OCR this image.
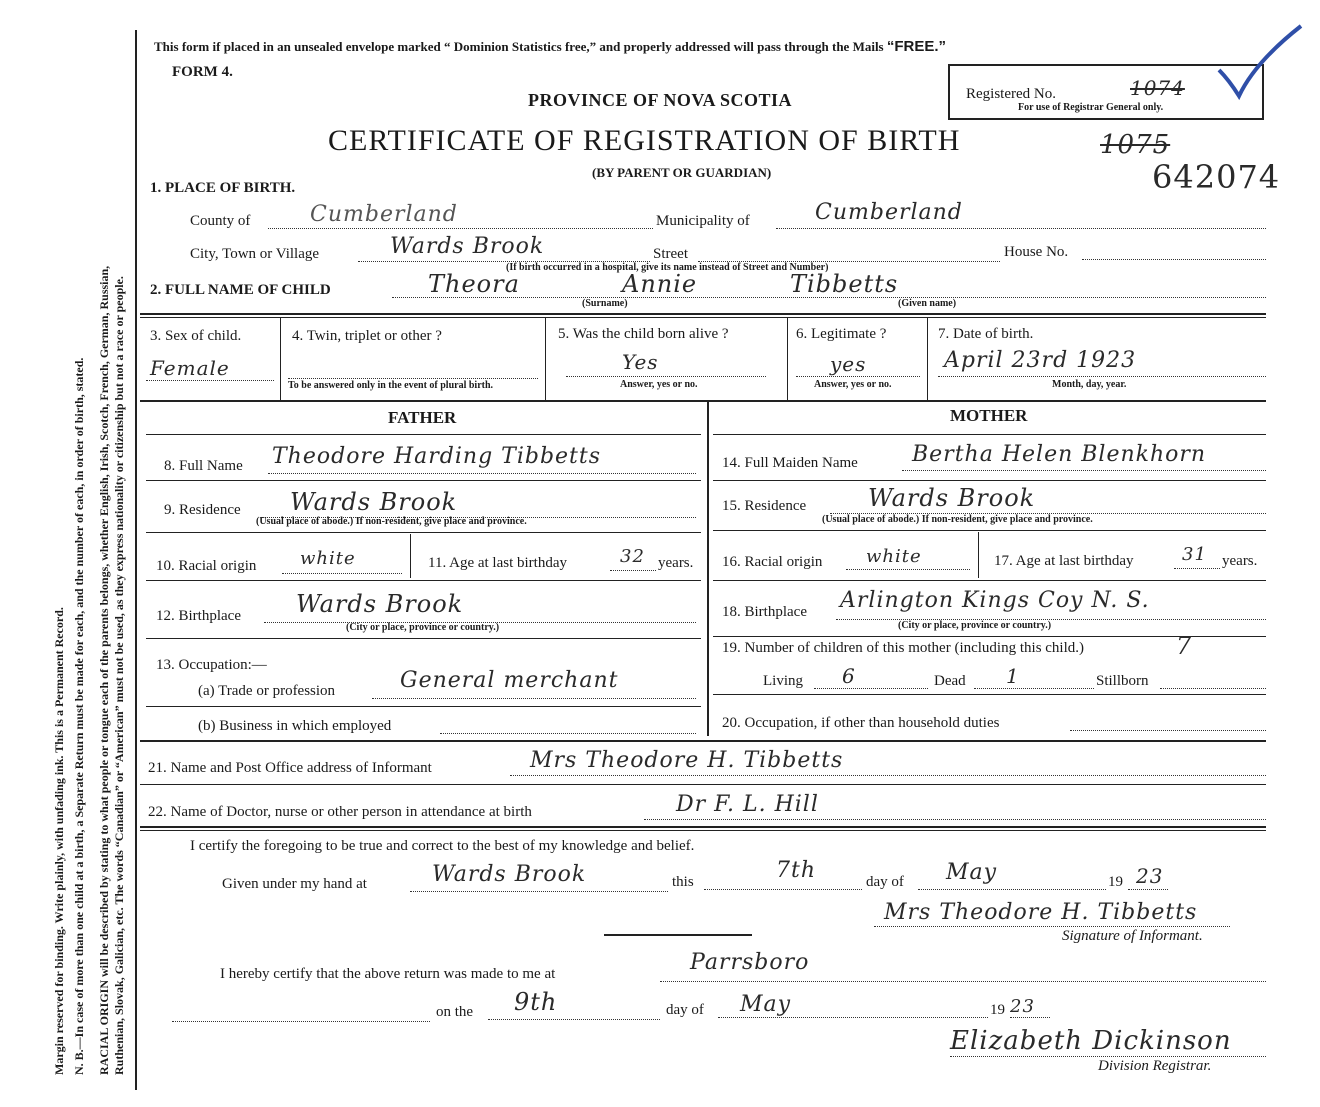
Margin reserved for binding. Write plainly, with unfading ink. This is a Permanent Record. N. B.—In case of more than one child at a birth, a Separate Return must be made for each, and the number of each, in order of birth, stated. RACIAL ORIGIN will be described by stating to what people or tongue each of the parents belongs, whether English, Irish, Scotch, French, German, Russian, Ruthenian, Slovak, Galician, etc. The words “Canadian” or “American” must not be used, as they express nationality or citizenship but not a race or people.
This form if placed in an unsealed envelope marked “ Dominion Statistics free,” and properly addressed will pass through the Mails “FREE.”
FORM 4.
PROVINCE OF NOVA SCOTIA
CERTIFICATE OF REGISTRATION OF BIRTH
(BY PARENT OR GUARDIAN)
Registered No.	1074
For use of Registrar General only.
1075
642074
1. PLACE OF BIRTH.
County of	Cumberland	Municipality of	Cumberland
City, Town or Village	Wards Brook	Street	House No.
(If birth occurred in a hospital, give its name instead of Street and Number)
2. FULL NAME OF CHILD	Theora	Annie	Tibbetts
(Surname)	(Given name)
3. Sex of child.
Female
4. Twin, triplet or other ?
To be answered only in the event of plural birth.
5. Was the child born alive ?
Yes
Answer, yes or no.
6. Legitimate ?
yes
Answer, yes or no.
7. Date of birth.
April 23rd 1923
Month, day, year.
FATHER	MOTHER
8. Full Name Theodore Harding Tibbetts
9. Residence Wards Brook
(Usual place of abode.) If non-resident, give place and province.
10. Racial origin white	11. Age at last birthday	32 years.
12. Birthplace Wards Brook
(City or place, province or country.)
13. Occupation:—
(a) Trade or profession	General merchant
(b) Business in which employed
14. Full Maiden Name Bertha Helen Blenkhorn
15. Residence	Wards Brook
(Usual place of abode.) If non-resident, give place and province.
16. Racial origin white	17. Age at last birthday	31 years.
18. Birthplace Arlington Kings Coy N. S.
(City or place, province or country.)
19. Number of children of this mother (including this child.)	7
Living 6	Dead 1	Stillborn
20. Occupation, if other than household duties
21. Name and Post Office address of Informant	Mrs Theodore H. Tibbetts
22. Name of Doctor, nurse or other person in attendance at birth	Dr F. L. Hill
I certify the foregoing to be true and correct to the best of my knowledge and belief.
Given under my hand at	Wards Brook	this	7th	day of May	19 23
Mrs Theodore H. Tibbetts
Signature of Informant.
I hereby certify that the above return was made to me at	Parrsboro
on the 9th	day of May	19 23
Elizabeth Dickinson
Division Registrar.
